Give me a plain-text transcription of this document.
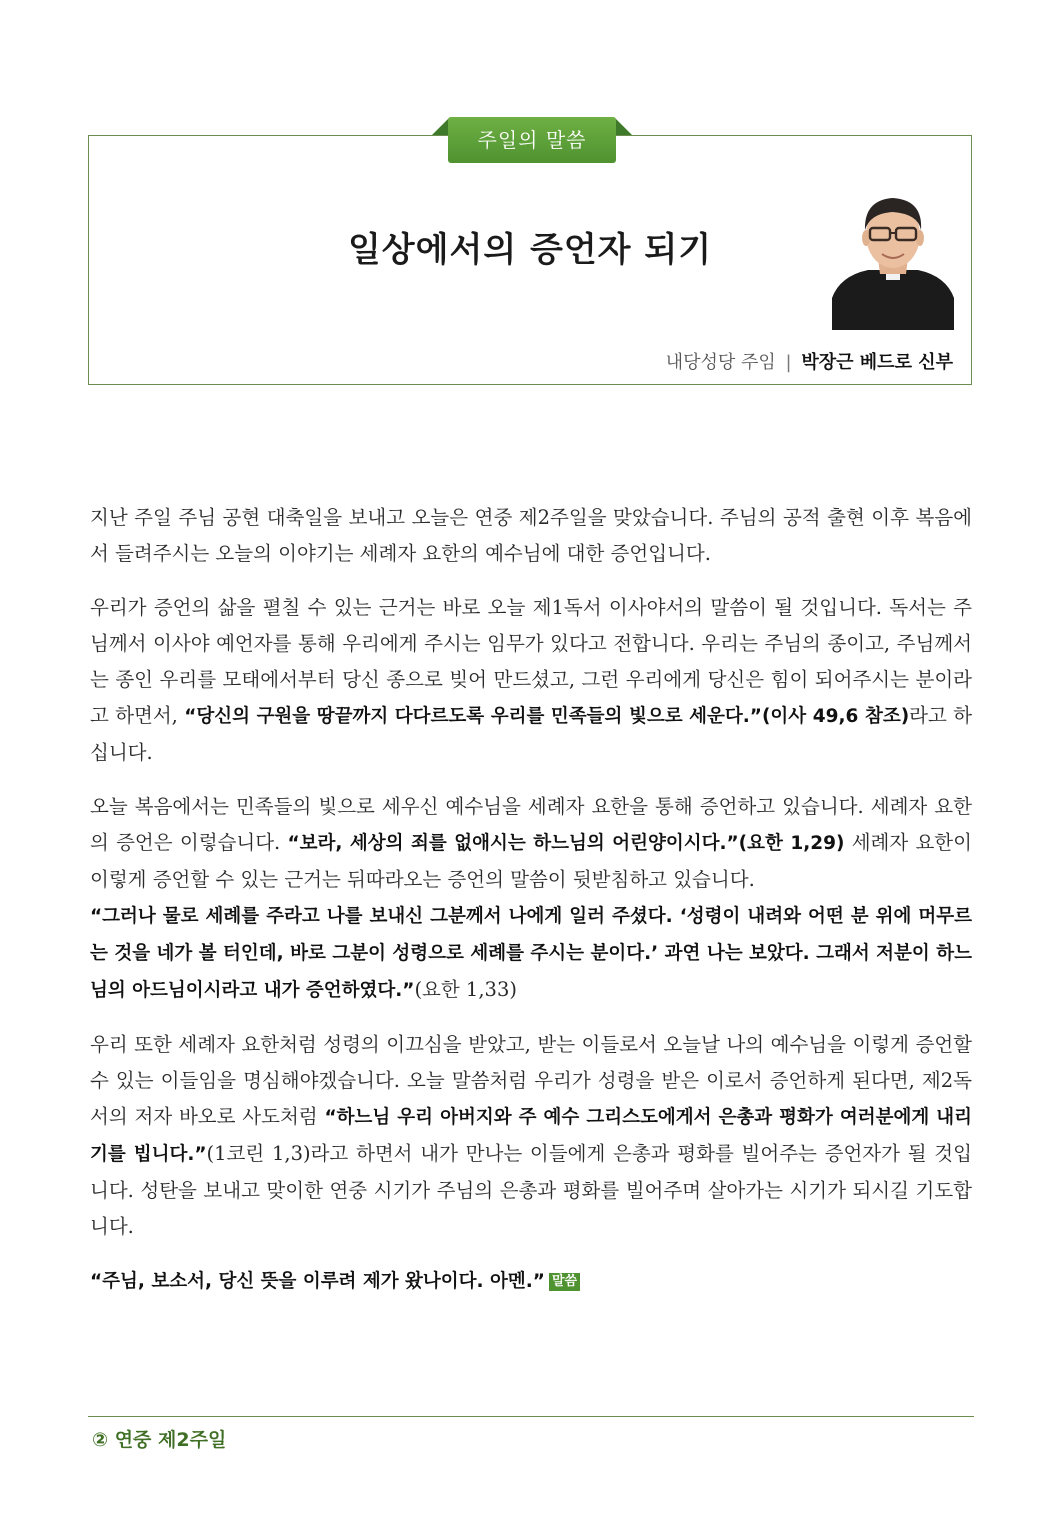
주일의 말씀
일상에서의 증언자 되기
내당성당 주임 | 박장근 베드로 신부

지난 주일 주님 공현 대축일을 보내고 오늘은 연중 제2주일을 맞았습니다. 주님의 공적 출현 이후 복음에서 들려주시는 오늘의 이야기는 세례자 요한의 예수님에 대한 증언입니다.

우리가 증언의 삶을 펼칠 수 있는 근거는 바로 오늘 제1독서 이사야서의 말씀이 될 것입니다. 독서는 주님께서 이사야 예언자를 통해 우리에게 주시는 임무가 있다고 전합니다. 우리는 주님의 종이고, 주님께서는 종인 우리를 모태에서부터 당신 종으로 빚어 만드셨고, 그런 우리에게 당신은 힘이 되어주시는 분이라고 하면서, “당신의 구원을 땅끝까지 다다르도록 우리를 민족들의 빛으로 세운다.”(이사 49,6 참조)라고 하십니다.

오늘 복음에서는 민족들의 빛으로 세우신 예수님을 세례자 요한을 통해 증언하고 있습니다. 세례자 요한의 증언은 이렇습니다. “보라, 세상의 죄를 없애시는 하느님의 어린양이시다.”(요한 1,29) 세례자 요한이 이렇게 증언할 수 있는 근거는 뒤따라오는 증언의 말씀이 뒷받침하고 있습니다.

“그러나 물로 세례를 주라고 나를 보내신 그분께서 나에게 일러 주셨다. ‘성령이 내려와 어떤 분 위에 머무르는 것을 네가 볼 터인데, 바로 그분이 성령으로 세례를 주시는 분이다.’ 과연 나는 보았다. 그래서 저분이 하느님의 아드님이시라고 내가 증언하였다.”(요한 1,33)

우리 또한 세례자 요한처럼 성령의 이끄심을 받았고, 받는 이들로서 오늘날 나의 예수님을 이렇게 증언할 수 있는 이들임을 명심해야겠습니다. 오늘 말씀처럼 우리가 성령을 받은 이로서 증언하게 된다면, 제2독서의 저자 바오로 사도처럼 “하느님 우리 아버지와 주 예수 그리스도에게서 은총과 평화가 여러분에게 내리기를 빕니다.”(1코린 1,3)라고 하면서 내가 만나는 이들에게 은총과 평화를 빌어주는 증언자가 될 것입니다. 성탄을 보내고 맞이한 연중 시기가 주님의 은총과 평화를 빌어주며 살아가는 시기가 되시길 기도합니다.

“주님, 보소서, 당신 뜻을 이루려 제가 왔나이다. 아멘.” 말씀

② 연중 제2주일
